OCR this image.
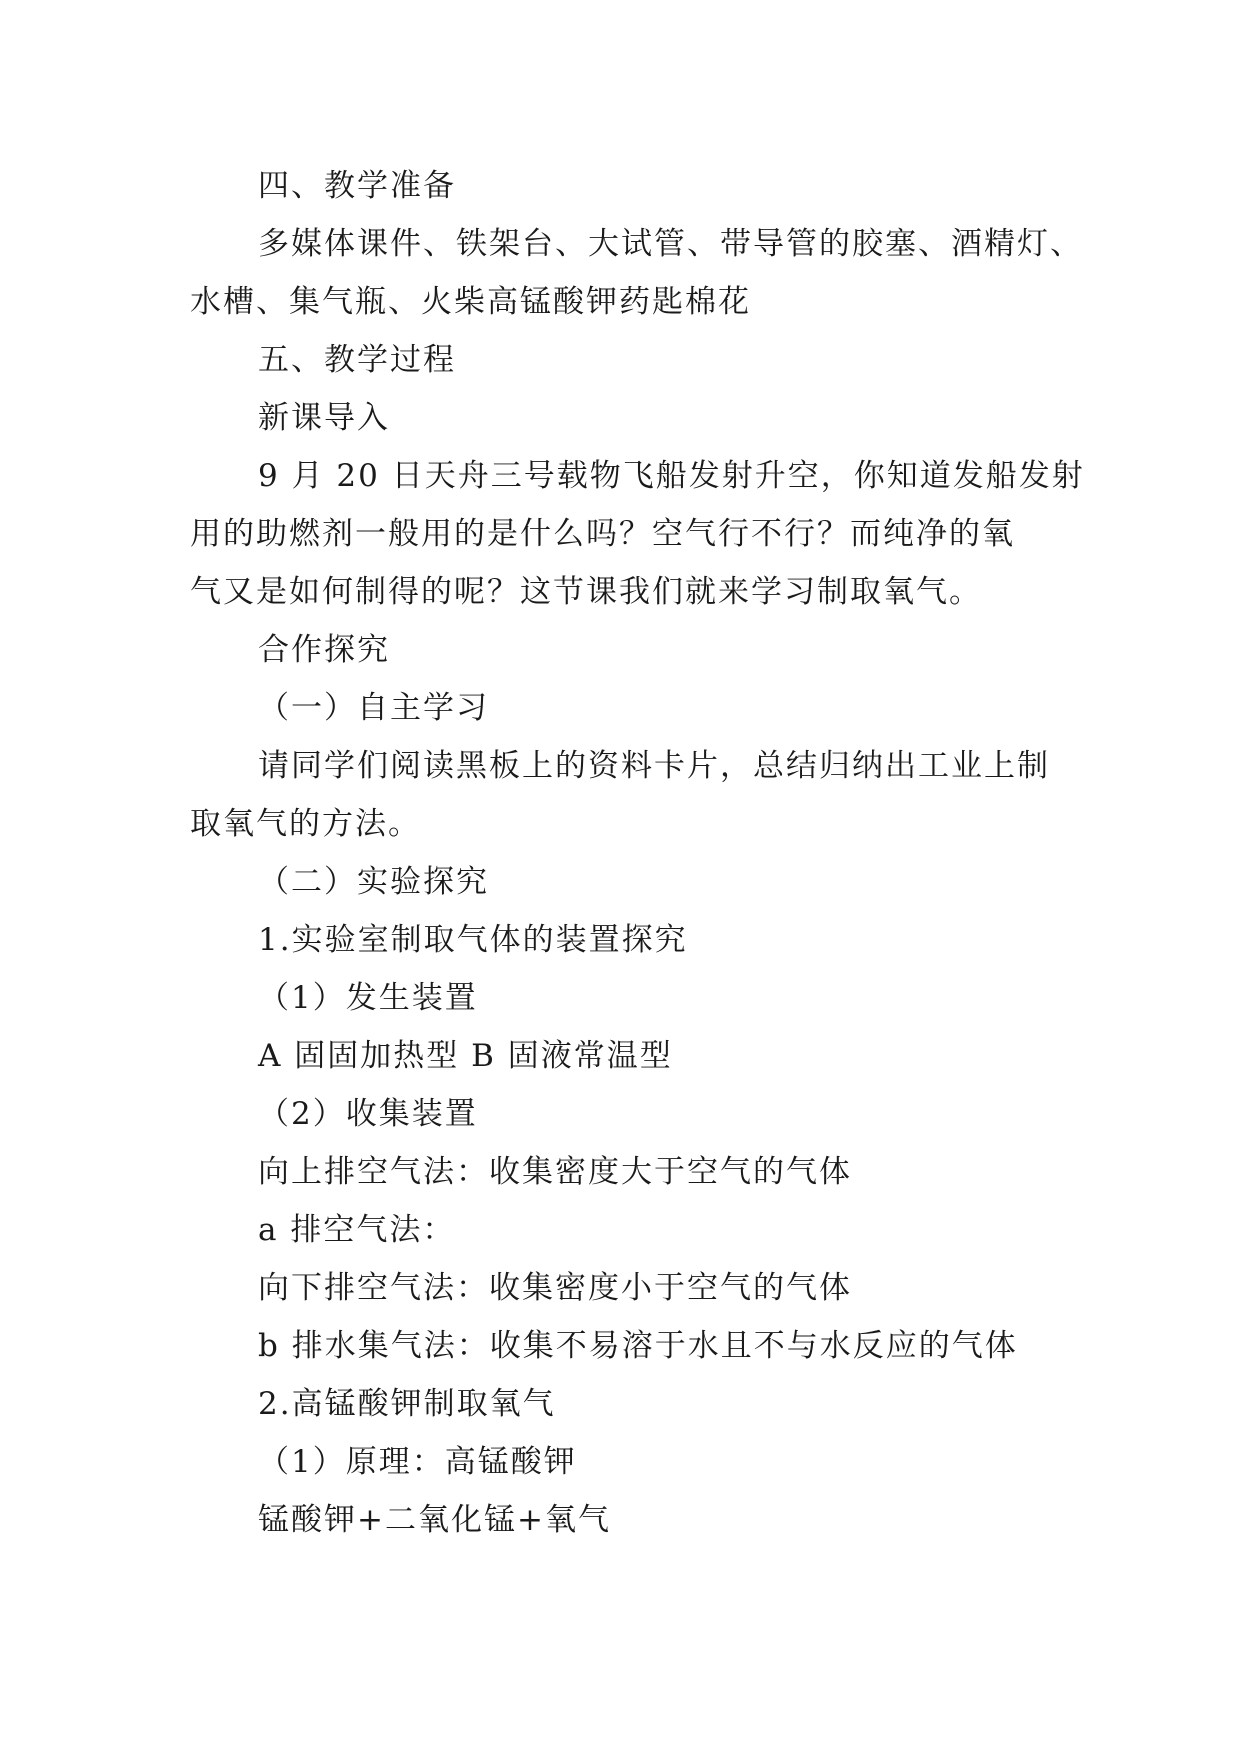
四、教学准备
多媒体课件、铁架台、大试管、带导管的胶塞、酒精灯、
水槽、集气瓶、火柴高锰酸钾药匙棉花
五、教学过程
新课导入
9 月 20 日天舟三号载物飞船发射升空，你知道发船发射
用的助燃剂一般用的是什么吗？空气行不行？而纯净的氧
气又是如何制得的呢？这节课我们就来学习制取氧气。
合作探究
（一）自主学习
请同学们阅读黑板上的资料卡片，总结归纳出工业上制
取氧气的方法。
（二）实验探究
1.实验室制取气体的装置探究
（1）发生装置
A 固固加热型 B 固液常温型
（2）收集装置
向上排空气法：收集密度大于空气的气体
a 排空气法：
向下排空气法：收集密度小于空气的气体
b 排水集气法：收集不易溶于水且不与水反应的气体
2.高锰酸钾制取氧气
（1）原理：高锰酸钾
锰酸钾+二氧化锰+氧气
